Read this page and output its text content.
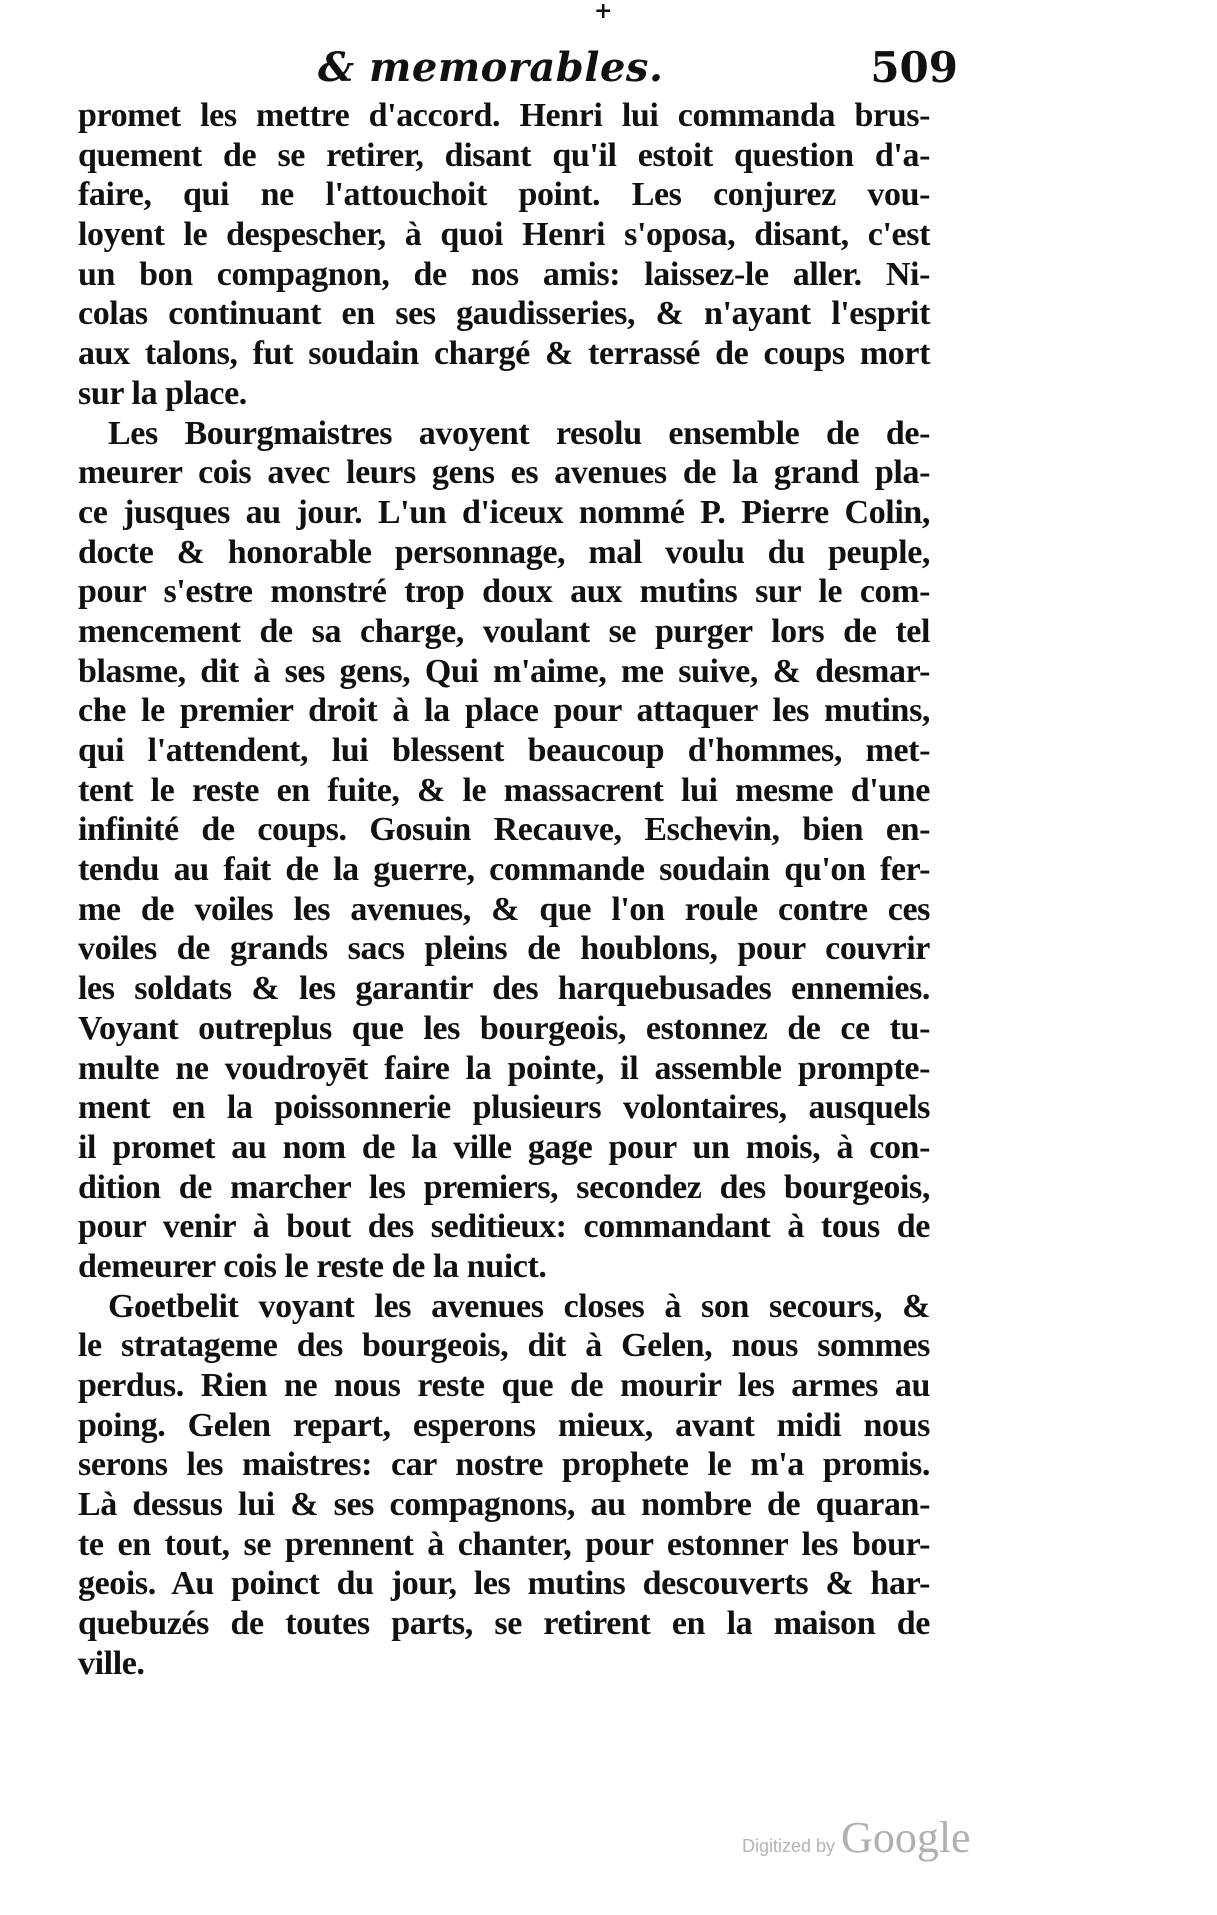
+
& memorables.	509
promet les mettre d'accord. Henri lui commanda brus-
quement de se retirer, disant qu'il estoit question d'a-
faire, qui ne l'attouchoit point. Les conjurez vou-
loyent le despescher, à quoi Henri s'oposa, disant, c'est
un bon compagnon, de nos amis: laissez-le aller. Ni-
colas continuant en ses gaudisseries, & n'ayant l'esprit
aux talons, fut soudain chargé & terrassé de coups mort
sur la place.
Les Bourgmaistres avoyent resolu ensemble de de-
meurer cois avec leurs gens es avenues de la grand pla-
ce jusques au jour. L'un d'iceux nommé P. Pierre Colin,
docte & honorable personnage, mal voulu du peuple,
pour s'estre monstré trop doux aux mutins sur le com-
mencement de sa charge, voulant se purger lors de tel
blasme, dit à ses gens, Qui m'aime, me suive, & desmar-
che le premier droit à la place pour attaquer les mutins,
qui l'attendent, lui blessent beaucoup d'hommes, met-
tent le reste en fuite, & le massacrent lui mesme d'une
infinité de coups. Gosuin Recauve, Eschevin, bien en-
tendu au fait de la guerre, commande soudain qu'on fer-
me de voiles les avenues, & que l'on roule contre ces
voiles de grands sacs pleins de houblons, pour couvrir
les soldats & les garantir des harquebusades ennemies.
Voyant outreplus que les bourgeois, estonnez de ce tu-
multe ne voudroyēt faire la pointe, il assemble promptе-
ment en la poissonnerie plusieurs volontaires, ausquels
il promet au nom de la ville gage pour un mois, à con-
dition de marcher les premiers, secondez des bourgeois,
pour venir à bout des seditieux: commandant à tous de
demeurer cois le reste de la nuict.
Goetbelit voyant les avenues closes à son secours, &
le stratageme des bourgeois, dit à Gelen, nous sommes
perdus. Rien ne nous reste que de mourir les armes au
poing. Gelen repart, esperons mieux, avant midi nous
serons les maistres: car nostre prophete le m'a promis.
Là dessus lui & ses compagnons, au nombre de quaran-
te en tout, se prennent à chanter, pour estonner les bour-
geois. Au poinct du jour, les mutins descouverts & har-
quebuzés de toutes parts, se retirent en la maison de
ville.
Digitized by Google
